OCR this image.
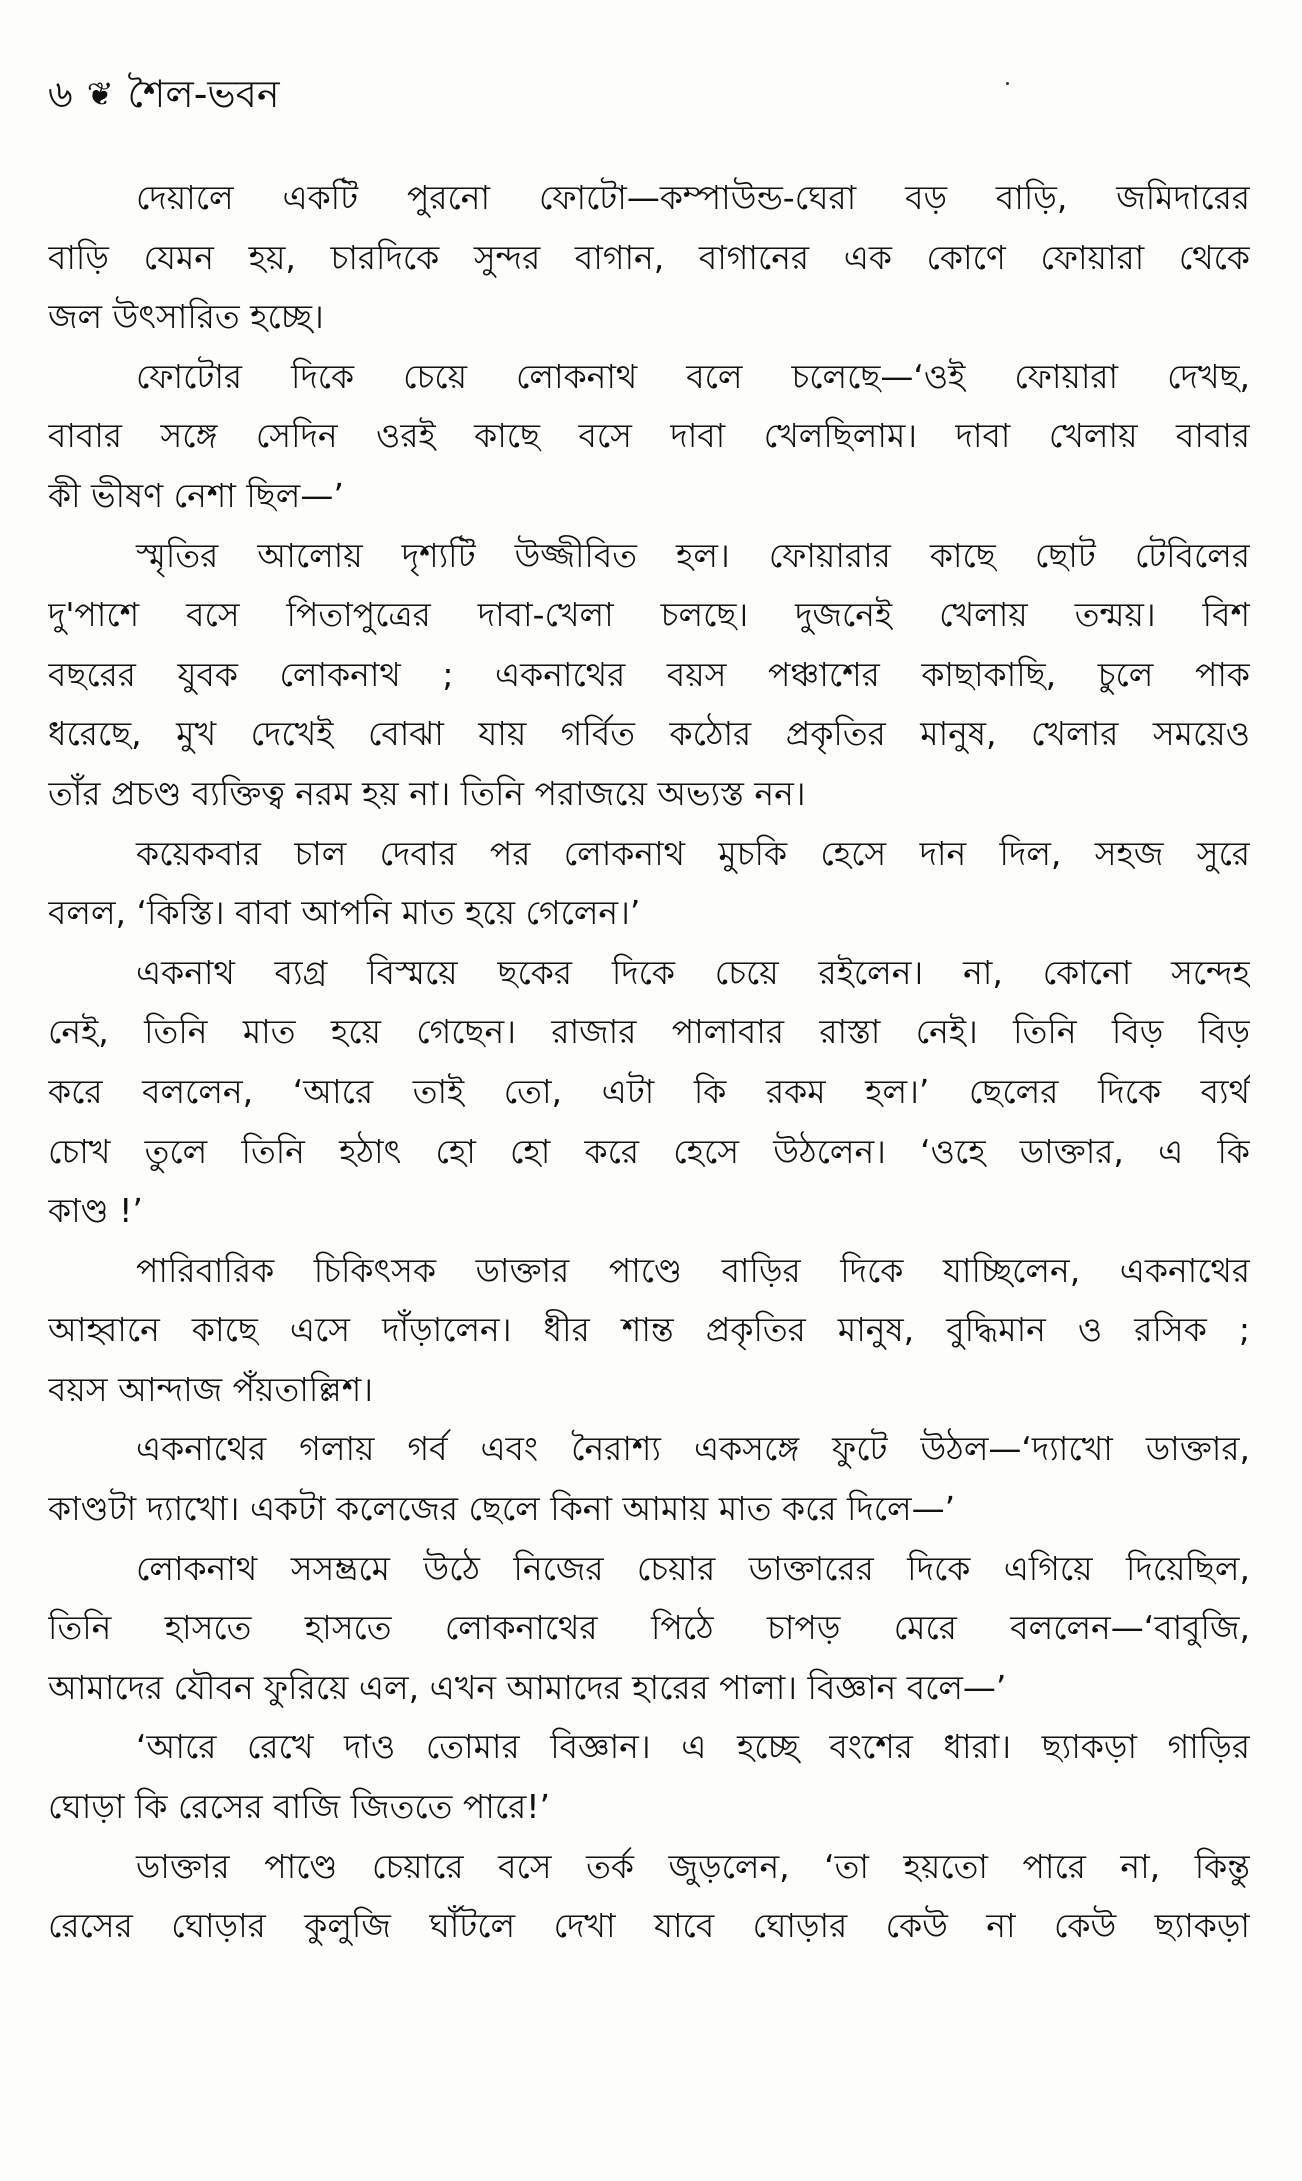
৬ ❦ শৈল-ভবন

দেয়ালে একটি পুরনো ফোটো—কম্পাউন্ড-ঘেরা বড় বাড়ি, জমিদারের
বাড়ি যেমন হয়, চারদিকে সুন্দর বাগান, বাগানের এক কোণে ফোয়ারা থেকে
জল উৎসারিত হচ্ছে।

ফোটোর দিকে চেয়ে লোকনাথ বলে চলেছে—‘ওই ফোয়ারা দেখছ,
বাবার সঙ্গে সেদিন ওরই কাছে বসে দাবা খেলছিলাম। দাবা খেলায় বাবার
কী ভীষণ নেশা ছিল—’

স্মৃতির আলোয় দৃশ্যটি উজ্জীবিত হল। ফোয়ারার কাছে ছোট টেবিলের
দু'পাশে বসে পিতাপুত্রের দাবা-খেলা চলছে। দুজনেই খেলায় তন্ময়। বিশ
বছরের যুবক লোকনাথ ; একনাথের বয়স পঞ্চাশের কাছাকাছি, চুলে পাক
ধরেছে, মুখ দেখেই বোঝা যায় গর্বিত কঠোর প্রকৃতির মানুষ, খেলার সময়েও
তাঁর প্রচণ্ড ব্যক্তিত্ব নরম হয় না। তিনি পরাজয়ে অভ্যস্ত নন।

কয়েকবার চাল দেবার পর লোকনাথ মুচকি হেসে দান দিল, সহজ সুরে
বলল, ‘কিস্তি। বাবা আপনি মাত হয়ে গেলেন।’

একনাথ ব্যগ্র বিস্ময়ে ছকের দিকে চেয়ে রইলেন। না, কোনো সন্দেহ
নেই, তিনি মাত হয়ে গেছেন। রাজার পালাবার রাস্তা নেই। তিনি বিড় বিড়
করে বললেন, ‘আরে তাই তো, এটা কি রকম হল।’ ছেলের দিকে ব্যর্থ
চোখ তুলে তিনি হঠাৎ হো হো করে হেসে উঠলেন। ‘ওহে ডাক্তার, এ কি
কাণ্ড !’

পারিবারিক চিকিৎসক ডাক্তার পাণ্ডে বাড়ির দিকে যাচ্ছিলেন, একনাথের
আহ্বানে কাছে এসে দাঁড়ালেন। ধীর শান্ত প্রকৃতির মানুষ, বুদ্ধিমান ও রসিক ;
বয়স আন্দাজ পঁয়তাল্লিশ।

একনাথের গলায় গর্ব এবং নৈরাশ্য একসঙ্গে ফুটে উঠল—‘দ্যাখো ডাক্তার,
কাণ্ডটা দ্যাখো। একটা কলেজের ছেলে কিনা আমায় মাত করে দিলে—’

লোকনাথ সসম্ভ্রমে উঠে নিজের চেয়ার ডাক্তারের দিকে এগিয়ে দিয়েছিল,
তিনি হাসতে হাসতে লোকনাথের পিঠে চাপড় মেরে বললেন—‘বাবুজি,
আমাদের যৌবন ফুরিয়ে এল, এখন আমাদের হারের পালা। বিজ্ঞান বলে—’

‘আরে রেখে দাও তোমার বিজ্ঞান। এ হচ্ছে বংশের ধারা। ছ্যাকড়া গাড়ির
ঘোড়া কি রেসের বাজি জিততে পারে!’

ডাক্তার পাণ্ডে চেয়ারে বসে তর্ক জুড়লেন, ‘তা হয়তো পারে না, কিন্তু
রেসের ঘোড়ার কুলুজি ঘাঁটলে দেখা যাবে ঘোড়ার কেউ না কেউ ছ্যাকড়া
